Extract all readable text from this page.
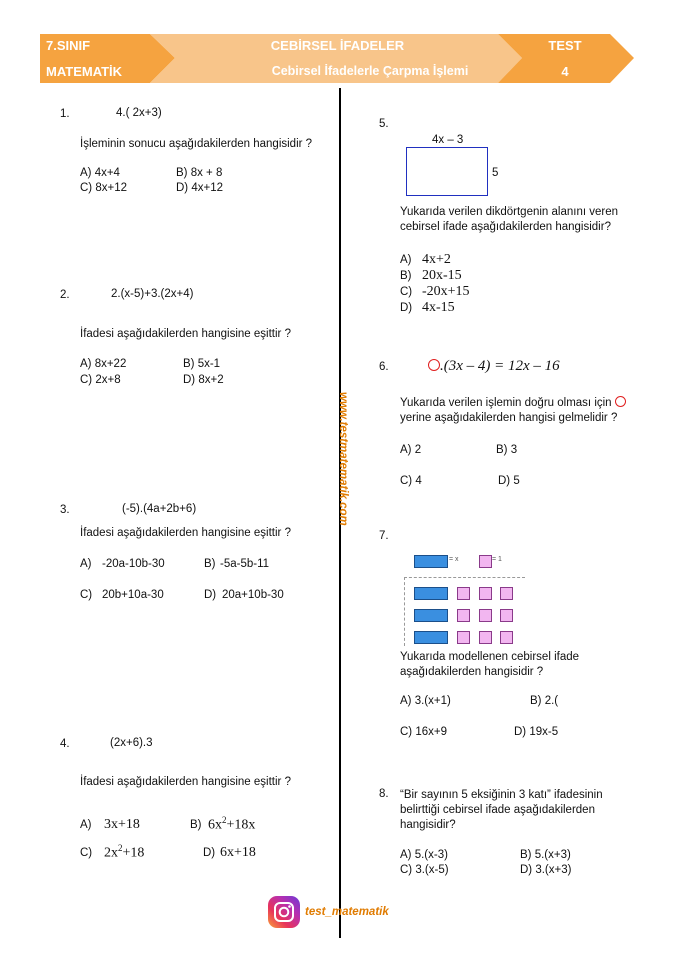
7.SINIF
MATEMATİK
CEBİRSEL İFADELER
Cebirsel İfadelerle Çarpma İşlemi
TEST
4
www.testmatematik.com
1.	4.( 2x+3)
İşleminin sonucu aşağıdakilerden hangisidir ?
A) 4x+4	B) 8x + 8
C) 8x+12	D) 4x+12
2.	2.(x-5)+3.(2x+4)
İfadesi aşağıdakilerden hangisine eşittir ?
A) 8x+22	B) 5x-1
C) 2x+8	D) 8x+2
3.	(-5).(4a+2b+6)
İfadesi aşağıdakilerden hangisine eşittir ?
A) -20a-10b-30	B) -5a-5b-11
C) 20b+10a-30	D) 20a+10b-30
4.	(2x+6).3
İfadesi aşağıdakilerden hangisine eşittir ?
A) 3x+18	B) $6x^2+18x$
C) $2x^2+18$	D) 6x+18
5.
4x – 3
5
Yukarıda verilen dikdörtgenin alanını veren cebirsel ifade aşağıdakilerden hangisidir?
A) 4x+2
B) 20x-15
C) -20x+15
D) 4x-15
6.	.(3x – 4) = 12x – 16
Yukarıda verilen işlemin doğru olması için
yerine aşağıdakilerden hangisi gelmelidir ?
A) 2	B) 3
C) 4	D) 5
7.
= x	= 1
Yukarıda modellenen cebirsel ifade aşağıdakilerden hangisidir ?
A) 3.(x+1)	B) 2.(
C) 16x+9	D) 19x-5
8. “Bir sayının 5 eksiğinin 3 katı” ifadesinin belirttiği cebirsel ifade aşağıdakilerden hangisidir?
A) 5.(x-3)	B) 5.(x+3)
C) 3.(x-5)	D) 3.(x+3)
test_matematik
